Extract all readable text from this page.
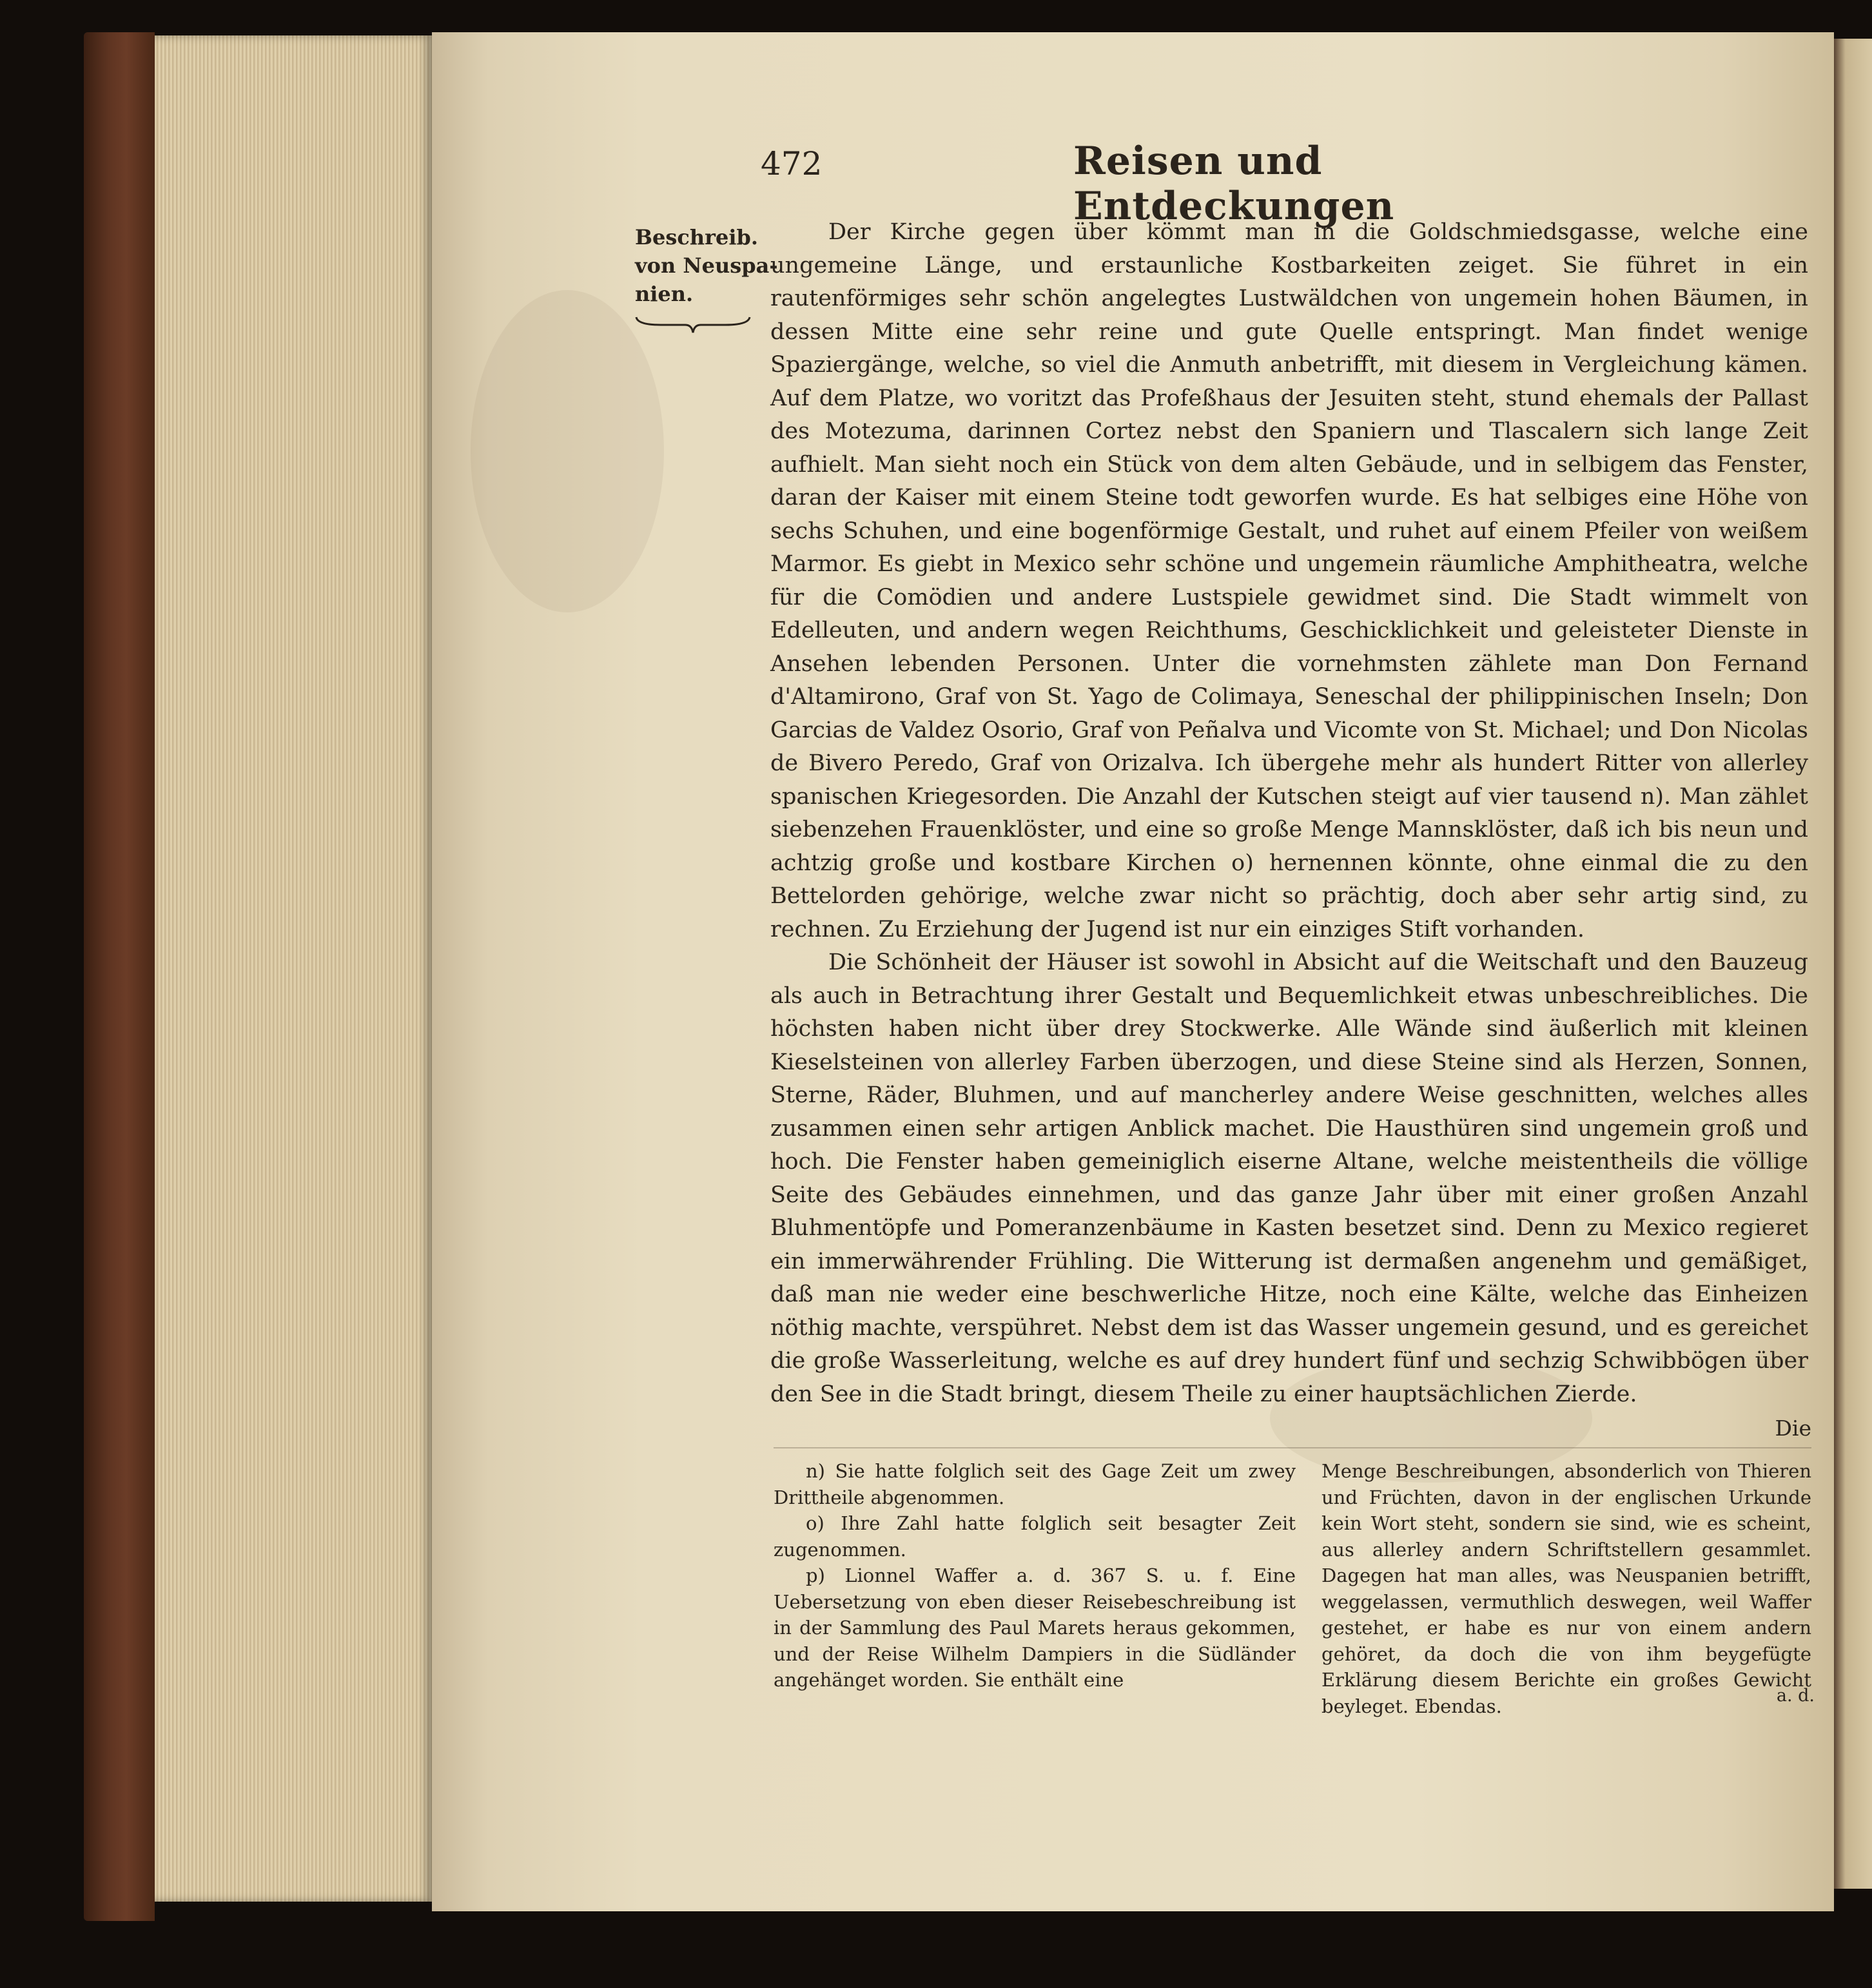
472	Reisen und Entdeckungen
Beschreib.
von Neuspa-
nien.

Der Kirche gegen über kömmt man in die Goldschmiedsgasse, welche eine ungemeine Länge, und erstaunliche Kostbarkeiten zeiget. Sie führet in ein rautenförmiges sehr schön angelegtes Lustwäldchen von ungemein hohen Bäumen, in dessen Mitte eine sehr reine und gute Quelle entspringt. Man findet wenige Spaziergänge, welche, so viel die Anmuth anbetrifft, mit diesem in Vergleichung kämen. Auf dem Platze, wo voritzt das Profeßhaus der Jesuiten steht, stund ehemals der Pallast des Motezuma, darinnen Cortez nebst den Spaniern und Tlascalern sich lange Zeit aufhielt. Man sieht noch ein Stück von dem alten Gebäude, und in selbigem das Fenster, daran der Kaiser mit einem Steine todt geworfen wurde. Es hat selbiges eine Höhe von sechs Schuhen, und eine bogenförmige Gestalt, und ruhet auf einem Pfeiler von weißem Marmor. Es giebt in Mexico sehr schöne und ungemein räumliche Amphitheatra, welche für die Comödien und andere Lustspiele gewidmet sind. Die Stadt wimmelt von Edelleuten, und andern wegen Reichthums, Geschicklichkeit und geleisteter Dienste in Ansehen lebenden Personen. Unter die vornehmsten zählete man Don Fernand d'Altamirono, Graf von St. Yago de Colimaya, Seneschal der philippinischen Inseln; Don Garcias de Valdez Osorio, Graf von Peñalva und Vicomte von St. Michael; und Don Nicolas de Bivero Peredo, Graf von Orizalva. Ich übergehe mehr als hundert Ritter von allerley spanischen Kriegesorden. Die Anzahl der Kutschen steigt auf vier tausend n). Man zählet siebenzehen Frauenklöster, und eine so große Menge Mannsklöster, daß ich bis neun und achtzig große und kostbare Kirchen o) hernennen könnte, ohne einmal die zu den Bettelorden gehörige, welche zwar nicht so prächtig, doch aber sehr artig sind, zu rechnen. Zu Erziehung der Jugend ist nur ein einziges Stift vorhanden.

Die Schönheit der Häuser ist sowohl in Absicht auf die Weitschaft und den Bauzeug als auch in Betrachtung ihrer Gestalt und Bequemlichkeit etwas unbeschreibliches. Die höchsten haben nicht über drey Stockwerke. Alle Wände sind äußerlich mit kleinen Kieselsteinen von allerley Farben überzogen, und diese Steine sind als Herzen, Sonnen, Sterne, Räder, Bluhmen, und auf mancherley andere Weise geschnitten, welches alles zusammen einen sehr artigen Anblick machet. Die Hausthüren sind ungemein groß und hoch. Die Fenster haben gemeiniglich eiserne Altane, welche meistentheils die völlige Seite des Gebäudes einnehmen, und das ganze Jahr über mit einer großen Anzahl Bluhmentöpfe und Pomeranzenbäume in Kasten besetzet sind. Denn zu Mexico regieret ein immerwährender Frühling. Die Witterung ist dermaßen angenehm und gemäßiget, daß man nie weder eine beschwerliche Hitze, noch eine Kälte, welche das Einheizen nöthig machte, verspühret. Nebst dem ist das Wasser ungemein gesund, und es gereichet die große Wasserleitung, welche es auf drey hundert fünf und sechzig Schwibbögen über den See in die Stadt bringt, diesem Theile zu einer hauptsächlichen Zierde.

Die

n) Sie hatte folglich seit des Gage Zeit um zwey Drittheile abgenommen.

o) Ihre Zahl hatte folglich seit besagter Zeit zugenommen.

p) Lionnel Waffer a. d. 367 S. u. f. Eine Uebersetzung von eben dieser Reisebeschreibung ist in der Sammlung des Paul Marets heraus gekommen, und der Reise Wilhelm Dampiers in die Südländer angehänget worden. Sie enthält eine

Menge Beschreibungen, absonderlich von Thieren und Früchten, davon in der englischen Urkunde kein Wort steht, sondern sie sind, wie es scheint, aus allerley andern Schriftstellern gesammlet. Dagegen hat man alles, was Neuspanien betrifft, weggelassen, vermuthlich deswegen, weil Waffer gestehet, er habe es nur von einem andern gehöret, da doch die von ihm beygefügte Erklärung diesem Berichte ein großes Gewicht beyleget. Ebendas.	a. d.
